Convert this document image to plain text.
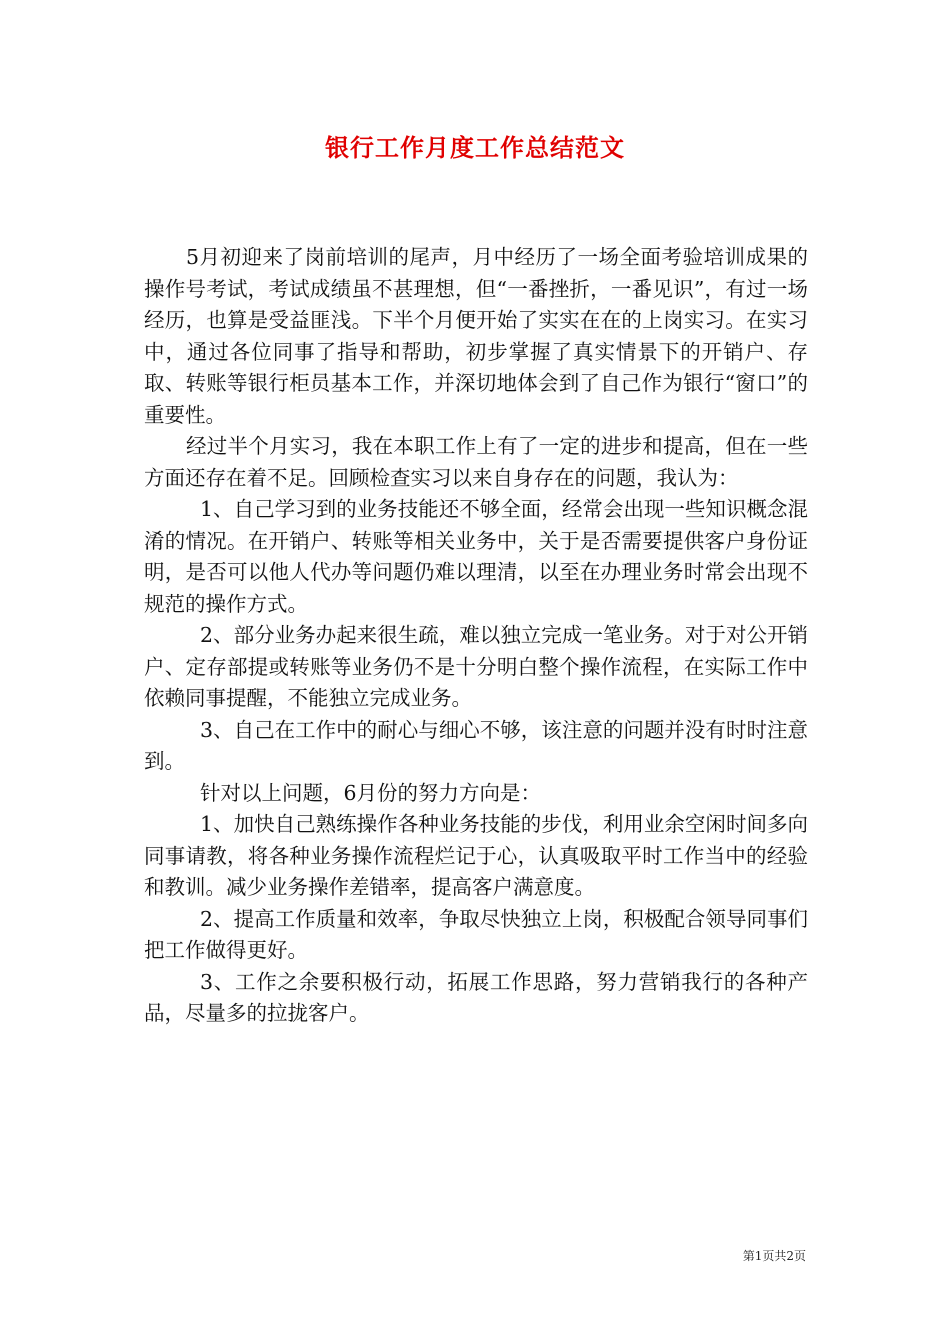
银行工作月度工作总结范文

5月初迎来了岗前培训的尾声，月中经历了一场全面考验培训成果的操作号考试，考试成绩虽不甚理想，但“一番挫折，一番见识”，有过一场经历，也算是受益匪浅。下半个月便开始了实实在在的上岗实习。在实习中，通过各位同事了指导和帮助，初步掌握了真实情景下的开销户、存取、转账等银行柜员基本工作，并深切地体会到了自己作为银行“窗口”的重要性。

经过半个月实习，我在本职工作上有了一定的进步和提高，但在一些方面还存在着不足。回顾检查实习以来自身存在的问题，我认为：

1、自己学习到的业务技能还不够全面，经常会出现一些知识概念混淆的情况。在开销户、转账等相关业务中，关于是否需要提供客户身份证明，是否可以他人代办等问题仍难以理清，以至在办理业务时常会出现不规范的操作方式。

2、部分业务办起来很生疏，难以独立完成一笔业务。对于对公开销户、定存部提或转账等业务仍不是十分明白整个操作流程，在实际工作中依赖同事提醒，不能独立完成业务。

3、自己在工作中的耐心与细心不够，该注意的问题并没有时时注意到。

针对以上问题，6月份的努力方向是：

1、加快自己熟练操作各种业务技能的步伐，利用业余空闲时间多向同事请教，将各种业务操作流程烂记于心，认真吸取平时工作当中的经验和教训。减少业务操作差错率，提高客户满意度。

2、提高工作质量和效率，争取尽快独立上岗，积极配合领导同事们把工作做得更好。

3、工作之余要积极行动，拓展工作思路，努力营销我行的各种产品，尽量多的拉拢客户。

第1页共2页
